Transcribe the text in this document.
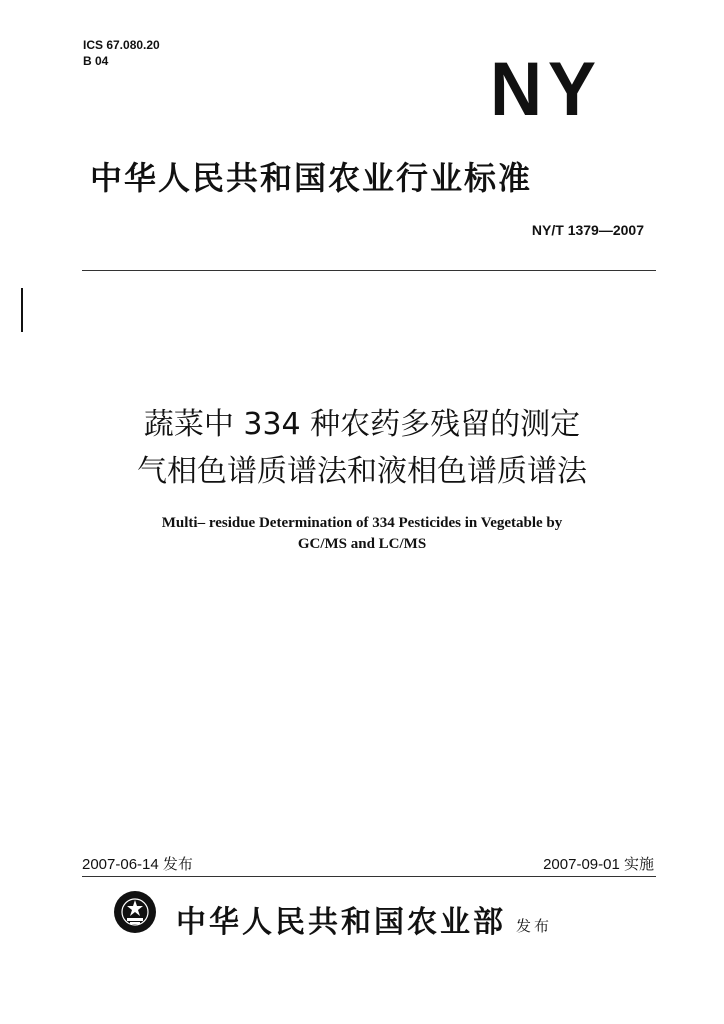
ICS 67.080.20
B 04	NY
中华人民共和国农业行业标准
NY/T 1379—2007
蔬菜中 334 种农药多残留的测定
气相色谱质谱法和液相色谱质谱法
Multi– residue Determination of 334 Pesticides in Vegetable by
GC/MS and LC/MS
2007-06-14 发布	2007-09-01 实施
中华人民共和国农业部 发布
